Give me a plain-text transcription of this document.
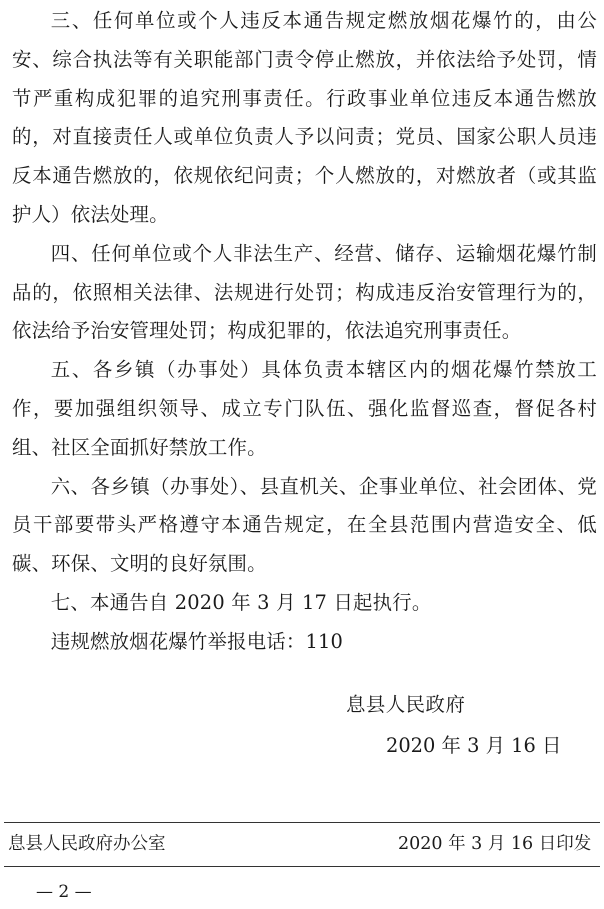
三、任何单位或个人违反本通告规定燃放烟花爆竹的，由公安、综合执法等有关职能部门责令停止燃放，并依法给予处罚，情节严重构成犯罪的追究刑事责任。行政事业单位违反本通告燃放的，对直接责任人或单位负责人予以问责；党员、国家公职人员违反本通告燃放的，依规依纪问责；个人燃放的，对燃放者（或其监护人）依法处理。

四、任何单位或个人非法生产、经营、储存、运输烟花爆竹制品的，依照相关法律、法规进行处罚；构成违反治安管理行为的，依法给予治安管理处罚；构成犯罪的，依法追究刑事责任。

五、各乡镇（办事处）具体负责本辖区内的烟花爆竹禁放工作，要加强组织领导、成立专门队伍、强化监督巡查，督促各村组、社区全面抓好禁放工作。

六、各乡镇（办事处）、县直机关、企事业单位、社会团体、党员干部要带头严格遵守本通告规定，在全县范围内营造安全、低碳、环保、文明的良好氛围。

七、本通告自 2020 年 3 月 17 日起执行。

违规燃放烟花爆竹举报电话：110

息县人民政府
2020 年 3 月 16 日
息县人民政府办公室	2020 年 3 月 16 日印发
— 2 —
